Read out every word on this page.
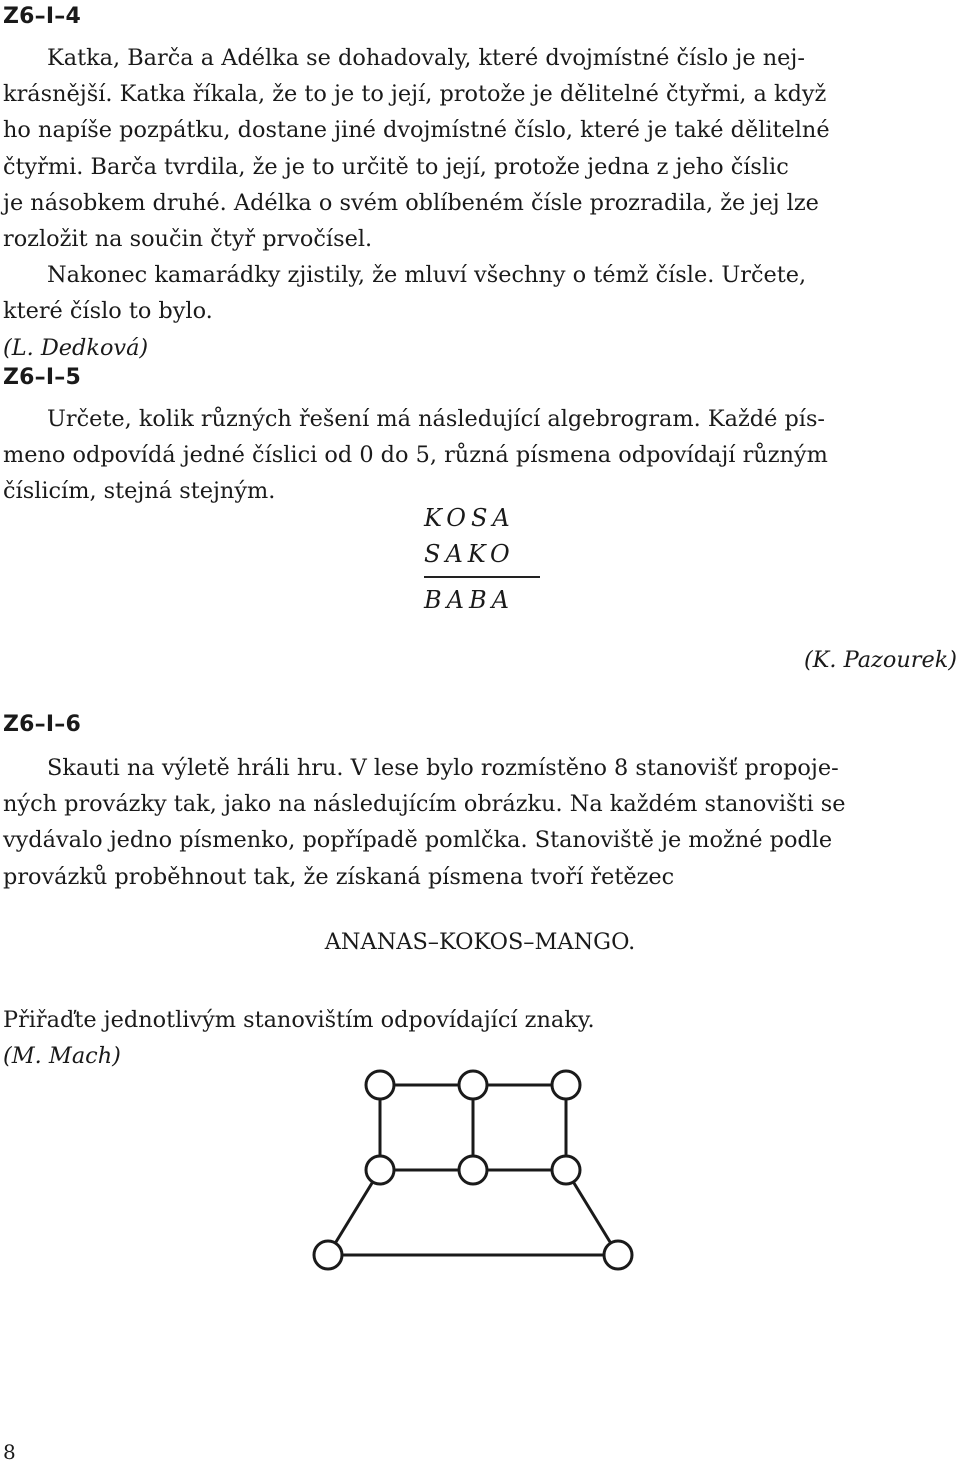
Z6–I–4
Katka, Barča a Adélka se dohadovaly, které dvojmístné číslo je nej-
krásnější. Katka říkala, že to je to její, protože je dělitelné čtyřmi, a když
ho napíše pozpátku, dostane jiné dvojmístné číslo, které je také dělitelné
čtyřmi. Barča tvrdila, že je to určitě to její, protože jedna z jeho číslic
je násobkem druhé. Adélka o svém oblíbeném čísle prozradila, že jej lze
rozložit na součin čtyř prvočísel.
Nakonec kamarádky zjistily, že mluví všechny o témž čísle. Určete,
které číslo to bylo.
(L. Dedková)
Z6–I–5
Určete, kolik různých řešení má následující algebrogram. Každé pís-
meno odpovídá jedné číslici od 0 do 5, různá písmena odpovídají různým
číslicím, stejná stejným.
KOSA
SAKO
BABA
(K. Pazourek)
Z6–I–6
Skauti na výletě hráli hru. V lese bylo rozmístěno 8 stanovišť propoje-
ných provázky tak, jako na následujícím obrázku. Na každém stanovišti se
vydávalo jedno písmenko, popřípadě pomlčka. Stanoviště je možné podle
provázků proběhnout tak, že získaná písmena tvoří řetězec
ANANAS–KOKOS–MANGO.
Přiřaďte jednotlivým stanovištím odpovídající znaky.
(M. Mach)
8
